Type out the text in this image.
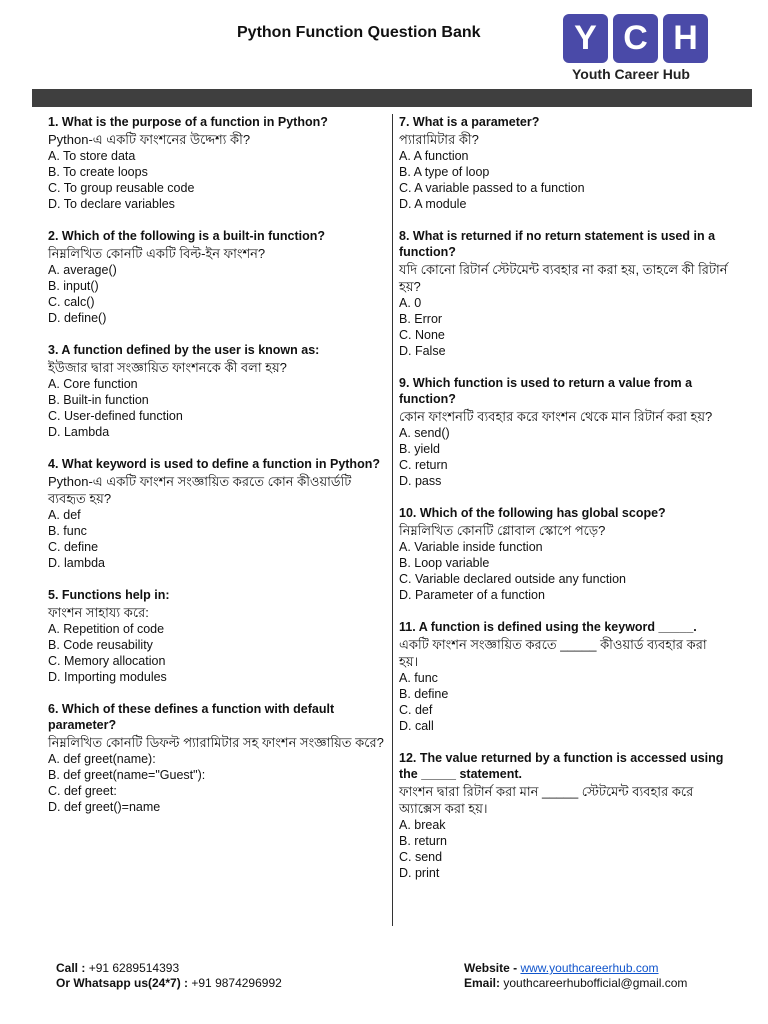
Python Function Question Bank	Y C H
Youth Career Hub
1. What is the purpose of a function in Python?
Python-এ একটি ফাংশনের উদ্দেশ্য কী?
A. To store data
B. To create loops
C. To group reusable code
D. To declare variables
2. Which of the following is a built-in function?
নিম্নলিখিত কোনটি একটি বিল্ট-ইন ফাংশন?
A. average()
B. input()
C. calc()
D. define()
3. A function defined by the user is known as:
ইউজার দ্বারা সংজ্ঞায়িত ফাংশনকে কী বলা হয়?
A. Core function
B. Built-in function
C. User-defined function
D. Lambda
4. What keyword is used to define a function in Python?
Python-এ একটি ফাংশন সংজ্ঞায়িত করতে কোন কীওয়ার্ডটি ব্যবহৃত হয়?
A. def
B. func
C. define
D. lambda
5. Functions help in:
ফাংশন সাহায্য করে:
A. Repetition of code
B. Code reusability
C. Memory allocation
D. Importing modules
6. Which of these defines a function with default parameter?
নিম্নলিখিত কোনটি ডিফল্ট প্যারামিটার সহ ফাংশন সংজ্ঞায়িত করে?
A. def greet(name):
B. def greet(name="Guest"):
C. def greet:
D. def greet()=name
7. What is a parameter?
প্যারামিটার কী?
A. A function
B. A type of loop
C. A variable passed to a function
D. A module
8. What is returned if no return statement is used in a function?
যদি কোনো রিটার্ন স্টেটমেন্ট ব্যবহার না করা হয়, তাহলে কী রিটার্ন হয়?
A. 0
B. Error
C. None
D. False
9. Which function is used to return a value from a function?
কোন ফাংশনটি ব্যবহার করে ফাংশন থেকে মান রিটার্ন করা হয়?
A. send()
B. yield
C. return
D. pass
10. Which of the following has global scope?
নিম্নলিখিত কোনটি গ্লোবাল স্কোপে পড়ে?
A. Variable inside function
B. Loop variable
C. Variable declared outside any function
D. Parameter of a function
11. A function is defined using the keyword _____.
একটি ফাংশন সংজ্ঞায়িত করতে _____ কীওয়ার্ড ব্যবহার করা হয়।
A. func
B. define
C. def
D. call
12. The value returned by a function is accessed using the _____ statement.
ফাংশন দ্বারা রিটার্ন করা মান _____ স্টেটমেন্ট ব্যবহার করে অ্যাক্সেস করা হয়।
A. break
B. return
C. send
D. print
Call : +91 6289514393
Or Whatsapp us(24*7) : +91 9874296992
Website - www.youthcareerhub.com
Email: youthcareerhubofficial@gmail.com
